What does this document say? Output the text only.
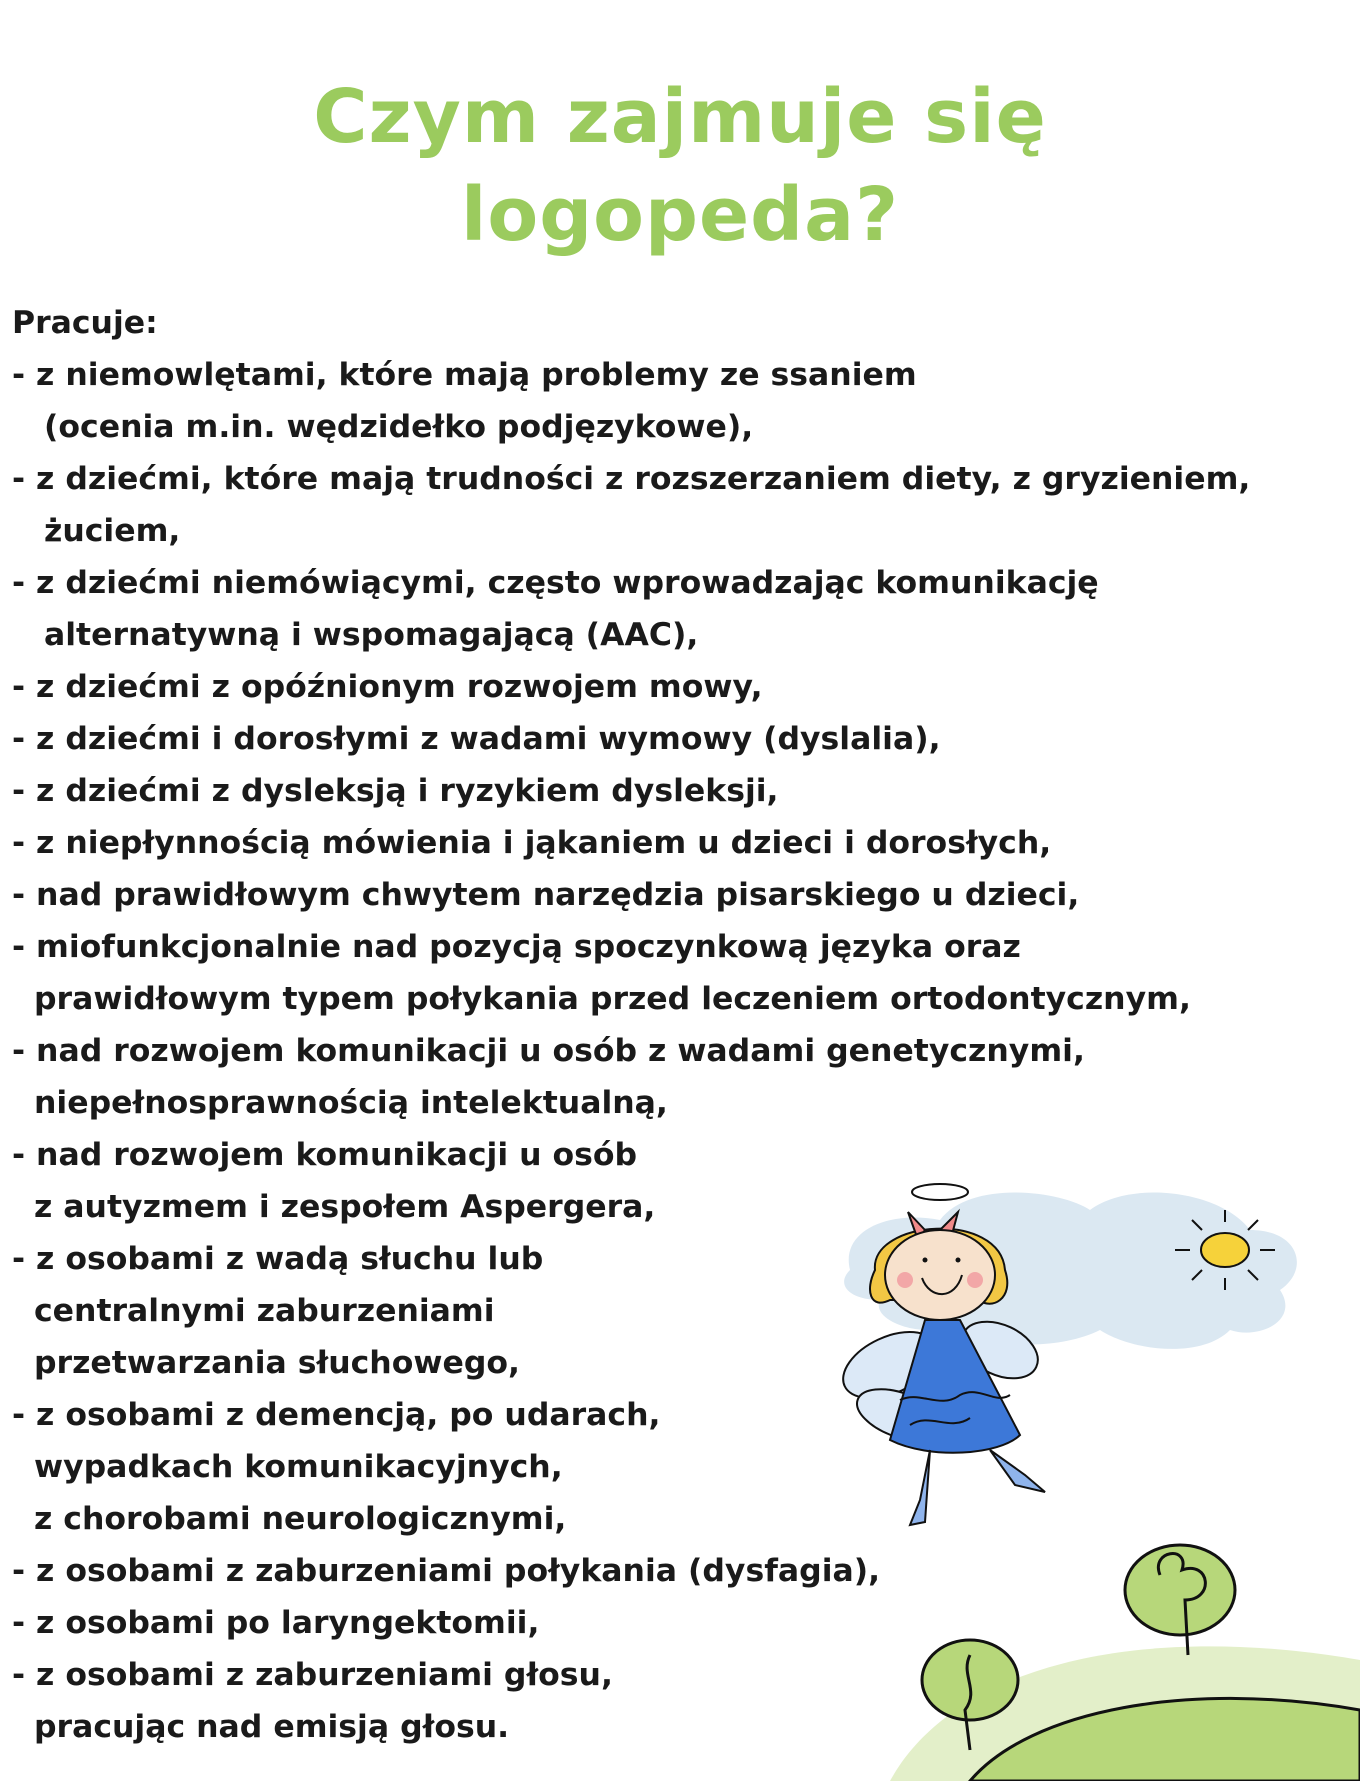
Czym zajmuje się
logopeda?
Pracuje:
- z niemowlętami, które mają problemy ze ssaniem
(ocenia m.in. wędzidełko podjęzykowe),
- z dziećmi, które mają trudności z rozszerzaniem diety, z gryzieniem,
żuciem,
- z dziećmi niemówiącymi, często wprowadzając komunikację
alternatywną i wspomagającą (AAC),
- z dziećmi z opóźnionym rozwojem mowy,
- z dziećmi i dorosłymi z wadami wymowy (dyslalia),
- z dziećmi z dysleksją i ryzykiem dysleksji,
- z niepłynnością mówienia i jąkaniem u dzieci i dorosłych,
- nad prawidłowym chwytem narzędzia pisarskiego u dzieci,
- miofunkcjonalnie nad pozycją spoczynkową języka oraz
prawidłowym typem połykania przed leczeniem ortodontycznym,
- nad rozwojem komunikacji u osób z wadami genetycznymi,
niepełnosprawnością intelektualną,
- nad rozwojem komunikacji u osób
z autyzmem i zespołem Aspergera,
- z osobami z wadą słuchu lub
centralnymi zaburzeniami
przetwarzania słuchowego,
- z osobami z demencją, po udarach,
wypadkach komunikacyjnych,
z chorobami neurologicznymi,
- z osobami z zaburzeniami połykania (dysfagia),
- z osobami po laryngektomii,
- z osobami z zaburzeniami głosu,
pracując nad emisją głosu.
